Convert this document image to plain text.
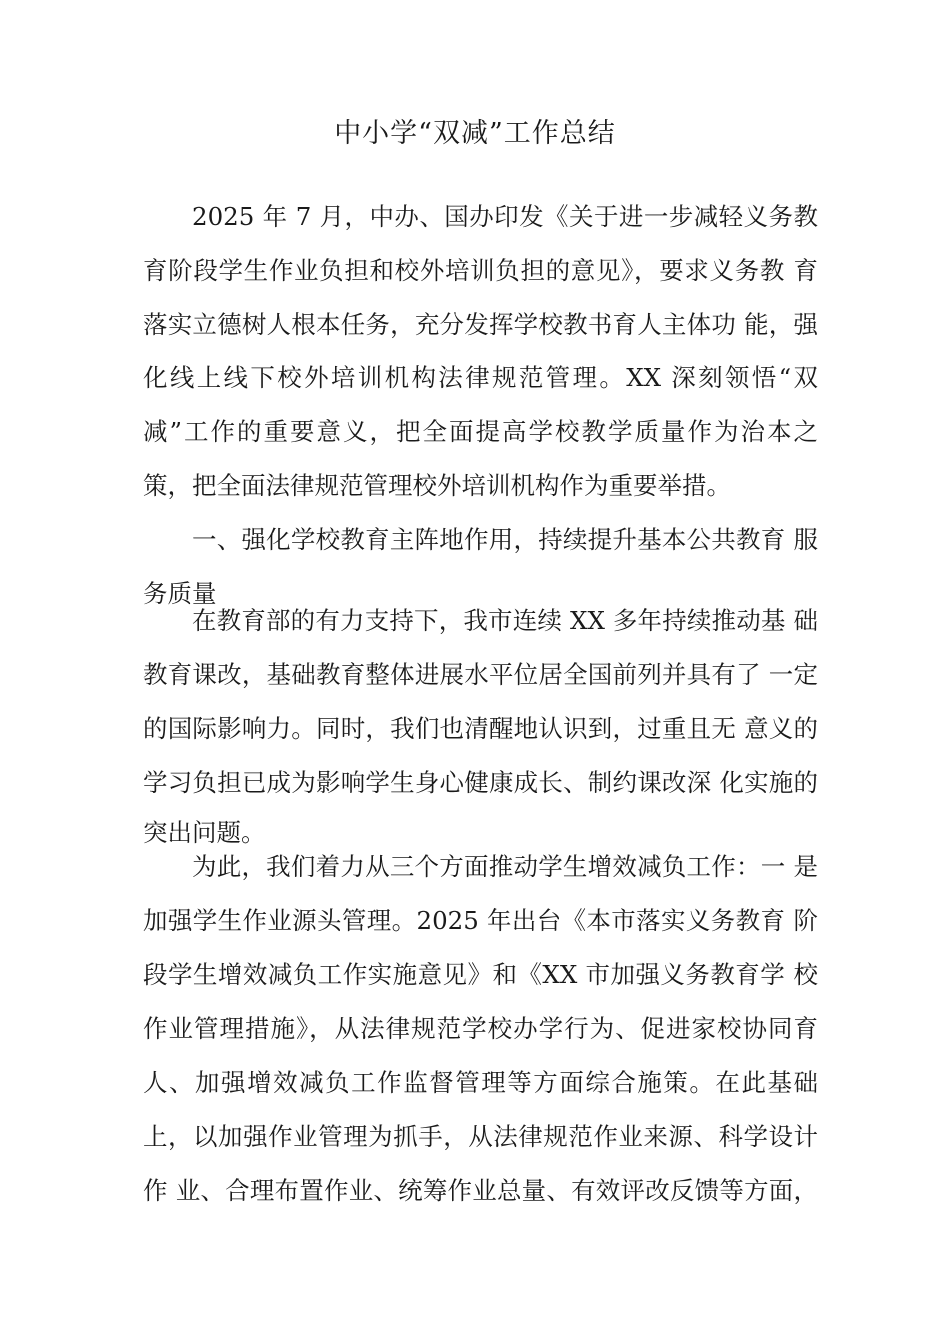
中小学“双减”工作总结
2025 年 7 月，中办、国办印发《关于进一步减轻义务教
育阶段学生作业负担和校外培训负担的意见》，要求义务教 育
落实立德树人根本任务，充分发挥学校教书育人主体功 能，强
化线上线下校外培训机构法律规范管理。XX 深刻领悟“双
减”工作的重要意义，把全面提高学校教学质量作为治本之
策，把全面法律规范管理校外培训机构作为重要举措。
一、强化学校教育主阵地作用，持续提升基本公共教育 服
务质量
在教育部的有力支持下，我市连续 XX 多年持续推动基 础
教育课改，基础教育整体进展水平位居全国前列并具有了 一定
的国际影响力。同时，我们也清醒地认识到，过重且无 意义的
学习负担已成为影响学生身心健康成长、制约课改深 化实施的
突出问题。
为此，我们着力从三个方面推动学生增效减负工作：一 是
加强学生作业源头管理。2025 年出台《本市落实义务教育 阶
段学生增效减负工作实施意见》和《XX 市加强义务教育学 校
作业管理措施》，从法律规范学校办学行为、促进家校协同育
人、加强增效减负工作监督管理等方面综合施策。在此基础
上，以加强作业管理为抓手，从法律规范作业来源、科学设计
作 业、合理布置作业、统筹作业总量、有效评改反馈等方面，
